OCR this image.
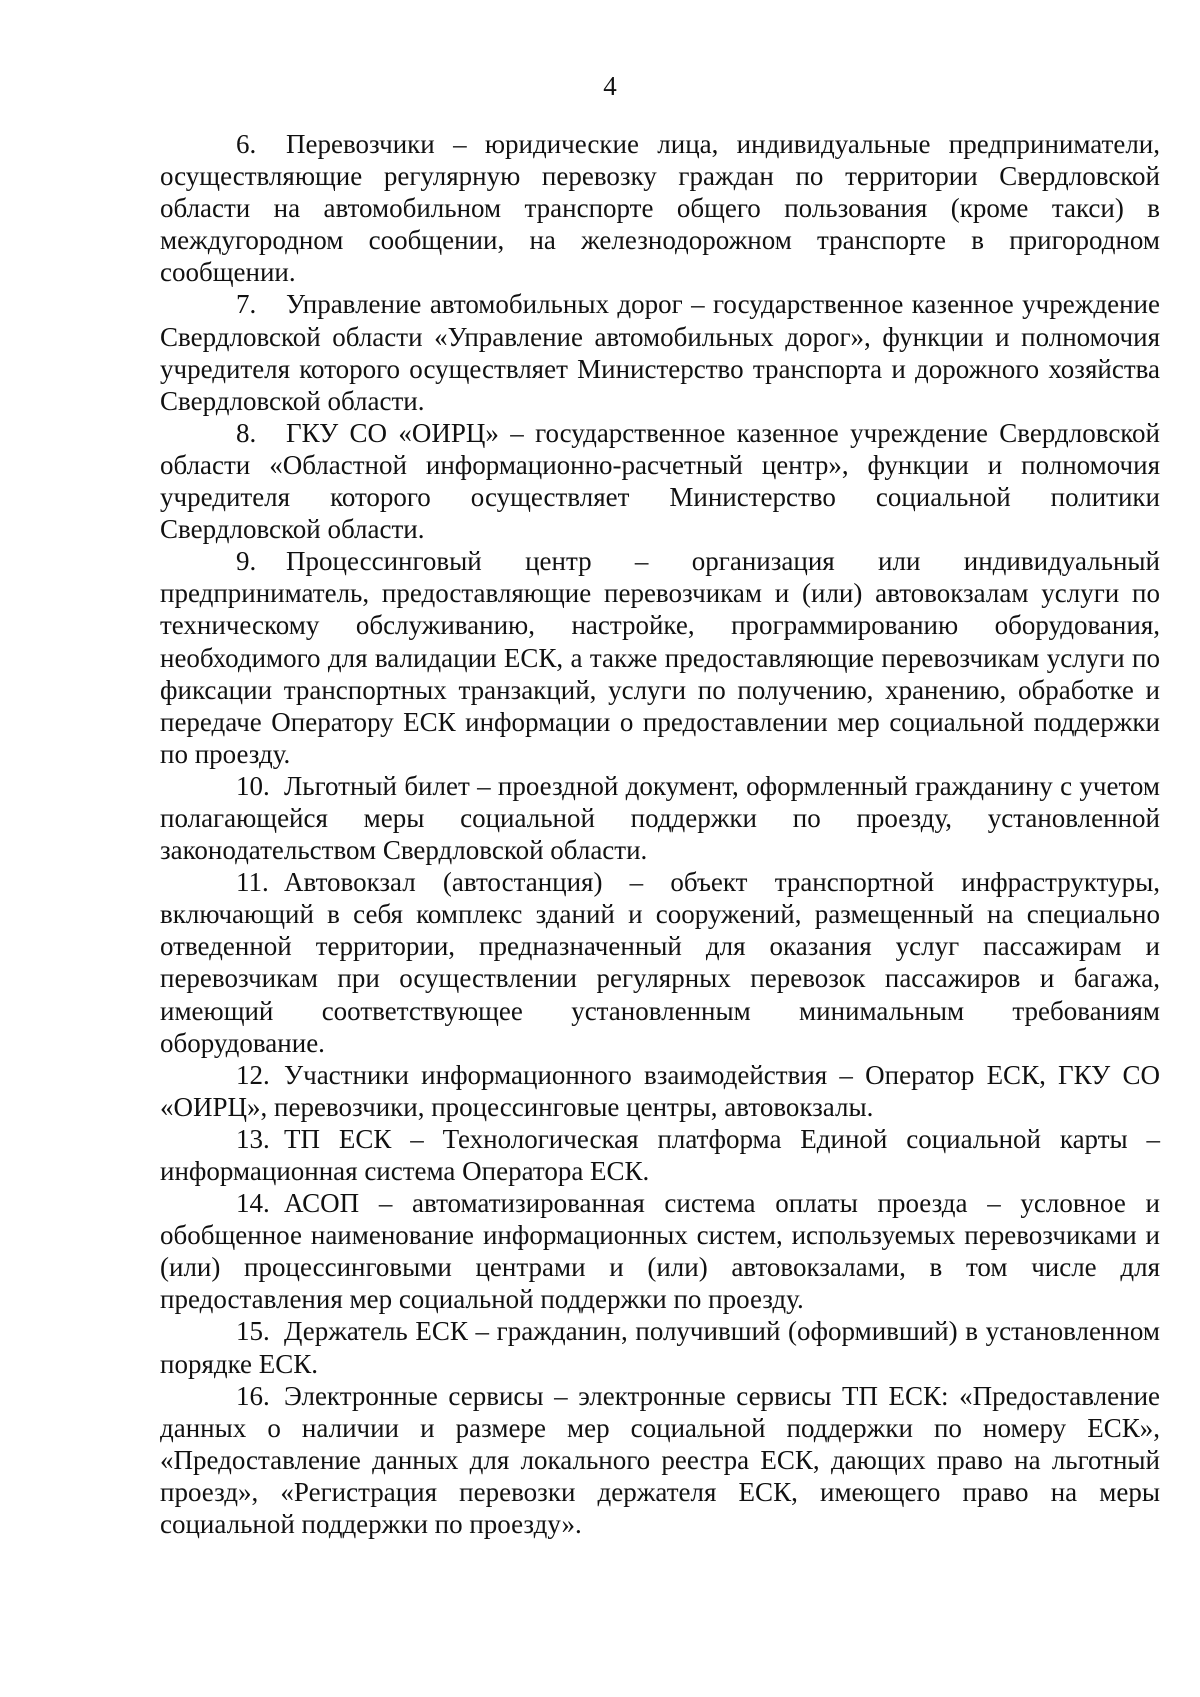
4

6. Перевозчики – юридические лица, индивидуальные предприниматели, осуществляющие регулярную перевозку граждан по территории Свердловской области на автомобильном транспорте общего пользования (кроме такси) в междугородном сообщении, на железнодорожном транспорте в пригородном сообщении.

7. Управление автомобильных дорог – государственное казенное учреждение Свердловской области «Управление автомобильных дорог», функции и полномочия учредителя которого осуществляет Министерство транспорта и дорожного хозяйства Свердловской области.

8. ГКУ СО «ОИРЦ» – государственное казенное учреждение Свердловской области «Областной информационно-расчетный центр», функции и полномочия учредителя которого осуществляет Министерство социальной политики Свердловской области.

9. Процессинговый центр – организация или индивидуальный предприниматель, предоставляющие перевозчикам и (или) автовокзалам услуги по техническому обслуживанию, настройке, программированию оборудования, необходимого для валидации ЕСК, а также предоставляющие перевозчикам услуги по фиксации транспортных транзакций, услуги по получению, хранению, обработке и передаче Оператору ЕСК информации о предоставлении мер социальной поддержки по проезду.

10. Льготный билет – проездной документ, оформленный гражданину с учетом полагающейся меры социальной поддержки по проезду, установленной законодательством Свердловской области.

11. Автовокзал (автостанция) – объект транспортной инфраструктуры, включающий в себя комплекс зданий и сооружений, размещенный на специально отведенной территории, предназначенный для оказания услуг пассажирам и перевозчикам при осуществлении регулярных перевозок пассажиров и багажа, имеющий соответствующее установленным минимальным требованиям оборудование.

12. Участники информационного взаимодействия – Оператор ЕСК, ГКУ СО «ОИРЦ», перевозчики, процессинговые центры, автовокзалы.

13. ТП ЕСК – Технологическая платформа Единой социальной карты – информационная система Оператора ЕСК.

14. АСОП – автоматизированная система оплаты проезда – условное и обобщенное наименование информационных систем, используемых перевозчиками и (или) процессинговыми центрами и (или) автовокзалами, в том числе для предоставления мер социальной поддержки по проезду.

15. Держатель ЕСК – гражданин, получивший (оформивший) в установленном порядке ЕСК.

16. Электронные сервисы – электронные сервисы ТП ЕСК: «Предоставление данных о наличии и размере мер социальной поддержки по номеру ЕСК», «Предоставление данных для локального реестра ЕСК, дающих право на льготный проезд», «Регистрация перевозки держателя ЕСК, имеющего право на меры социальной поддержки по проезду».
